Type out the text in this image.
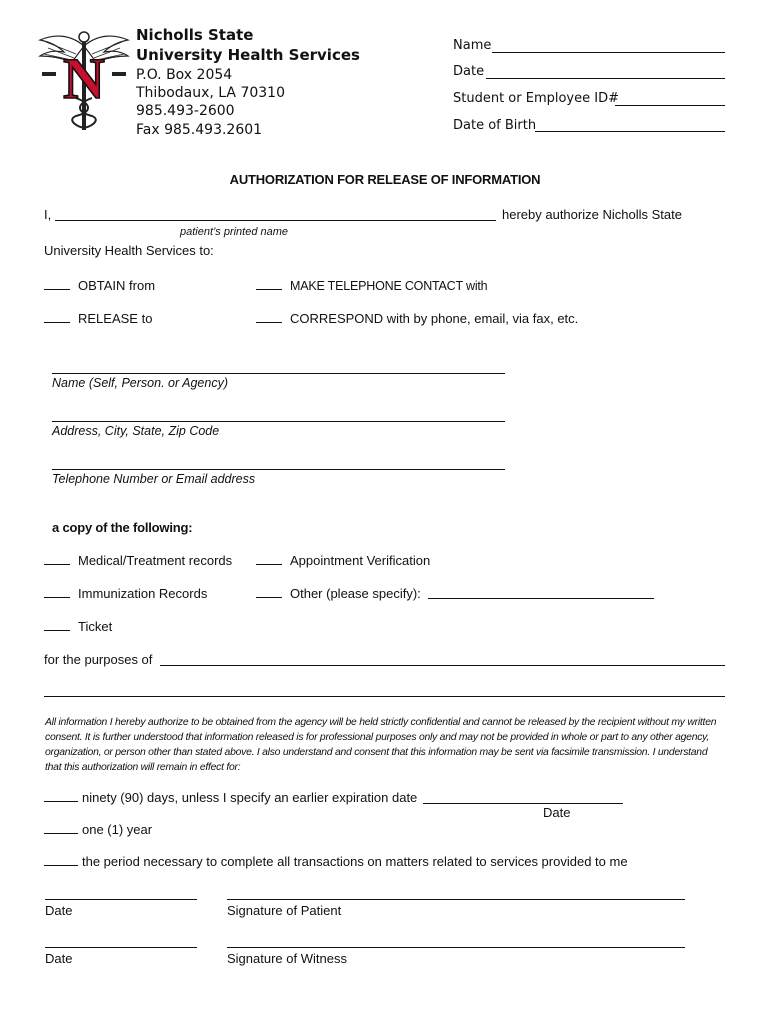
N
Nicholls State
University Health Services
P.O. Box 2054
Thibodaux, LA 70310
985.493-2600
Fax 985.493.2601
Name
Date
Student or Employee ID#
Date of Birth
AUTHORIZATION FOR RELEASE OF INFORMATION
I,	hereby authorize Nicholls State
patient’s printed name
University Health Services to:
OBTAIN from	MAKE TELEPHONE CONTACT with
RELEASE to	CORRESPOND with by phone, email, via fax, etc.
Name (Self, Person. or Agency)
Address, City, State, Zip Code
Telephone Number or Email address
a copy of the following:
Medical/Treatment records	Appointment Verification
Immunization Records	Other (please specify):
Ticket
for the purposes of
All information I hereby authorize to be obtained from the agency will be held strictly confidential and cannot be released by the recipient without my written consent. It is further understood that information released is for professional purposes only and may not be provided in whole or part to any other agency, organization, or person other than stated above. I also understand and consent that this information may be sent via facsimile transmission. I understand that this authorization will remain in effect for:
ninety (90) days, unless I specify an earlier expiration date
Date
one (1) year
the period necessary to complete all transactions on matters related to services provided to me
Date	Signature of Patient
Date	Signature of Witness
